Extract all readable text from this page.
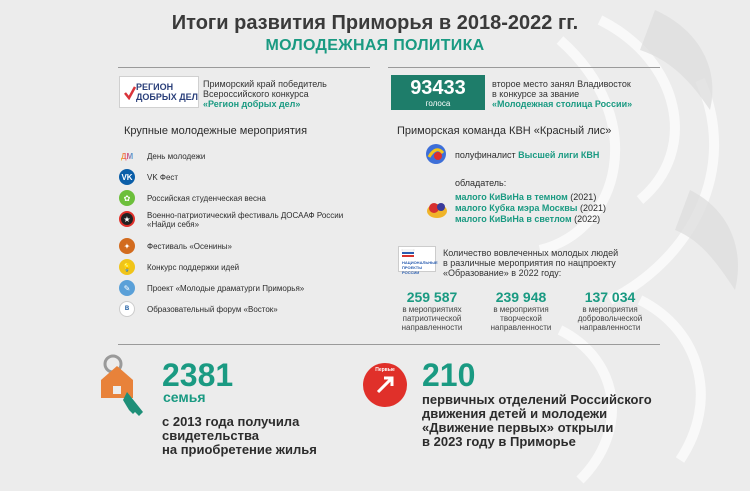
Итоги развития Приморья в 2018-2022 гг.
МОЛОДЕЖНАЯ ПОЛИТИКА
РЕГИОН
ДОБРЫХ ДЕЛ
Приморский край победитель
Всероссийского конкурса
«Регион добрых дел»
93433
голоса
второе место занял Владивосток
в конкурсе за звание
«Молодежная столица России»
Крупные молодежные мероприятия	Приморская команда КВН «Красный лис»
ДМ День молодежи
VK	VK Фест
✿	Российская студенческая весна
★	Военно-патриотический фестиваль ДОСААФ России
«Найди себя»
✦	Фестиваль «Осенины»
💡	Конкурс поддержки идей
✎	Проект «Молодые драматурги Приморья»
В	Образовательный форум «Восток»
полуфиналист Высшей лиги КВН
обладатель:
малого КиВиНа в темном (2021)
малого Кубка мэра Москвы (2021)
малого КиВиНа в светлом (2022)
НАЦИОНАЛЬНЫЕ ПРОЕКТЫ РОССИИ
Количество вовлеченных молодых людей
в различные мероприятия по нацпроекту
«Образование» в 2022 году:
259 587
в мероприятиях
патриотической
направленности
239 948
в мероприятия
творческой
направленности
137 034
в мероприятия
добровольческой
направленности
2381
семья
с 2013 года получила
свидетельства
на приобретение жилья
Первые 210
первичных отделений Российского
движения детей и молодежи
«Движение первых» открыли
в 2023 году в Приморье
